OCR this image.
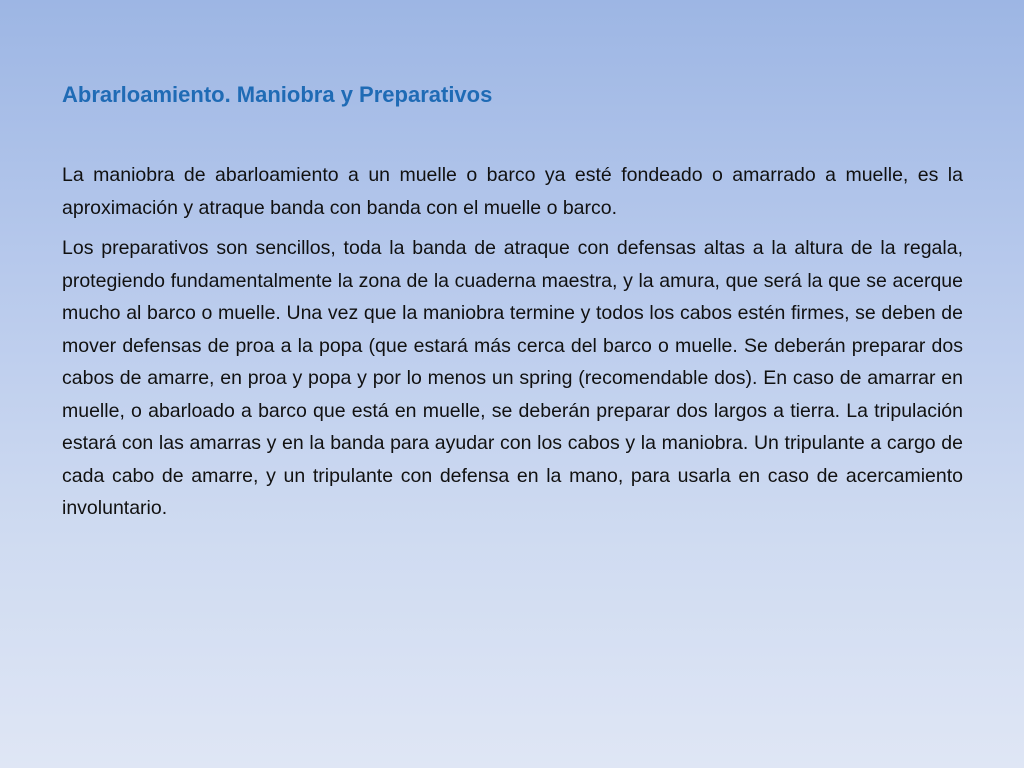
Abrarloamiento. Maniobra y Preparativos

La maniobra de abarloamiento a un muelle o barco ya esté fondeado o amarrado a muelle, es la aproximación y atraque banda con banda con el muelle o barco.

Los preparativos son sencillos, toda la banda de atraque con defensas altas a la altura de la regala, protegiendo fundamentalmente la zona de la cuaderna maestra, y la amura, que será la que se acerque mucho al barco o muelle. Una vez que la maniobra termine y todos los cabos estén firmes, se deben de mover defensas de proa a la popa (que estará más cerca del barco o muelle. Se deberán preparar dos cabos de amarre, en proa y popa y por lo menos un spring (recomendable dos). En caso de amarrar en muelle, o abarloado a barco que está en muelle, se deberán preparar dos largos a tierra. La tripulación estará con las amarras y en la banda para ayudar con los cabos y la maniobra. Un tripulante a cargo de cada cabo de amarre, y un tripulante con defensa en la mano, para usarla en caso de acercamiento involuntario.
